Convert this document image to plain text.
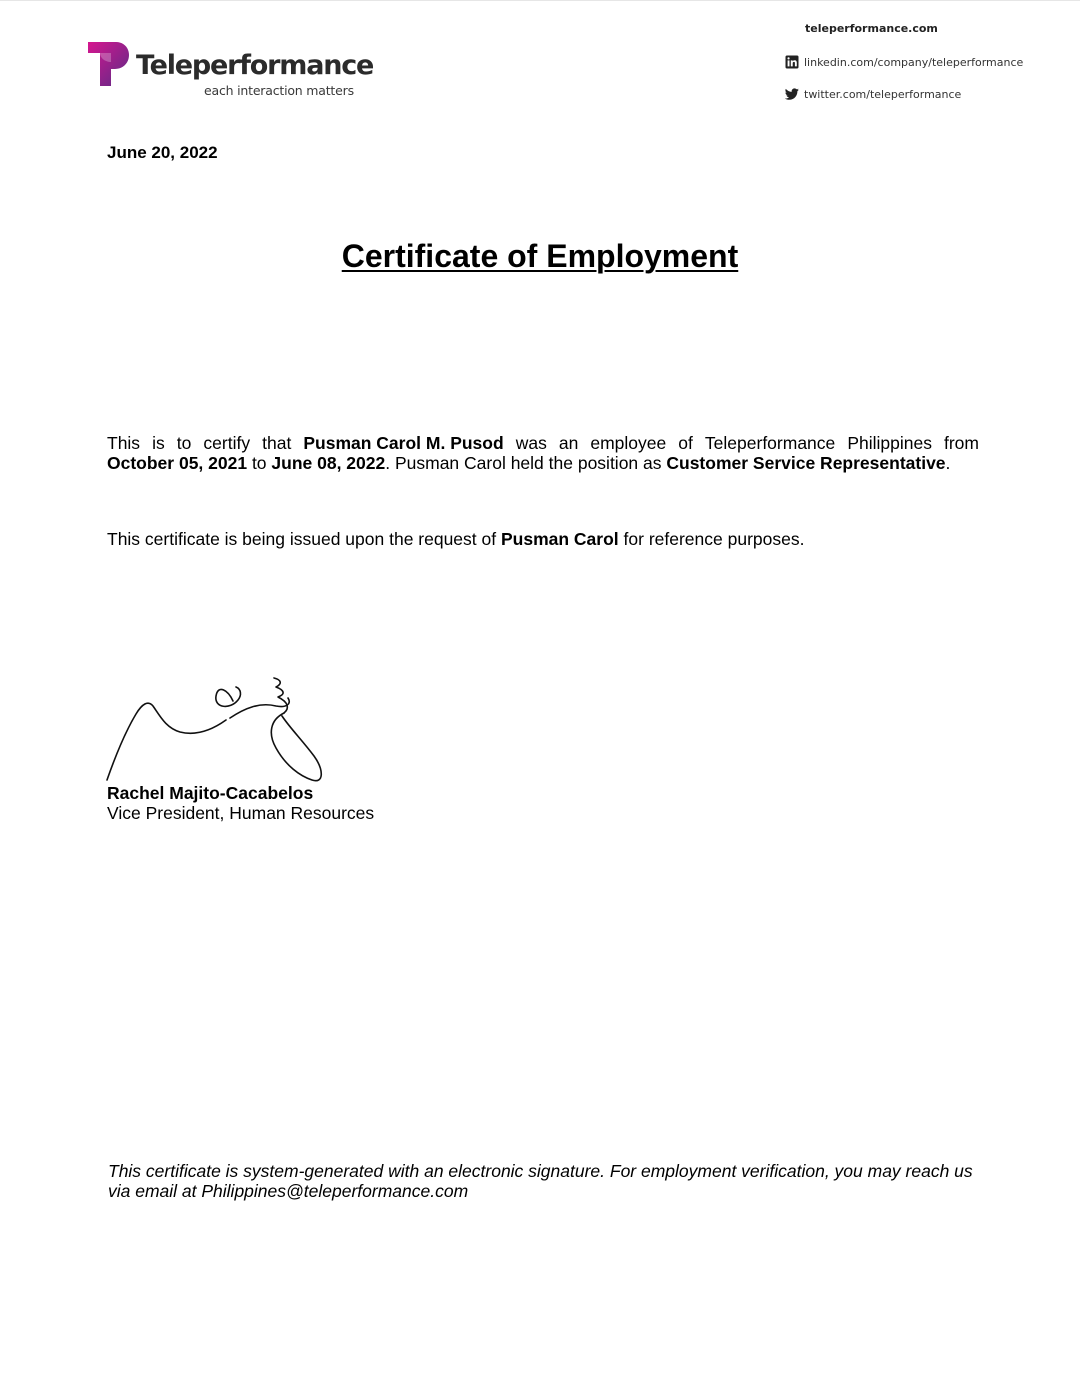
Teleperformance
each interaction matters
teleperformance.com
linkedin.com/company/teleperformance
twitter.com/teleperformance
June 20, 2022
Certificate of Employment
This is to certify that Pusman Carol M. Pusod was an employee of Teleperformance Philippines from
October 05, 2021 to June 08, 2022. Pusman Carol held the position as Customer Service Representative.
This certificate is being issued upon the request of Pusman Carol for reference purposes.
Rachel Majito-Cacabelos
Vice President, Human Resources
This certificate is system-generated with an electronic signature. For employment verification, you may reach us via email at Philippines@teleperformance.com
